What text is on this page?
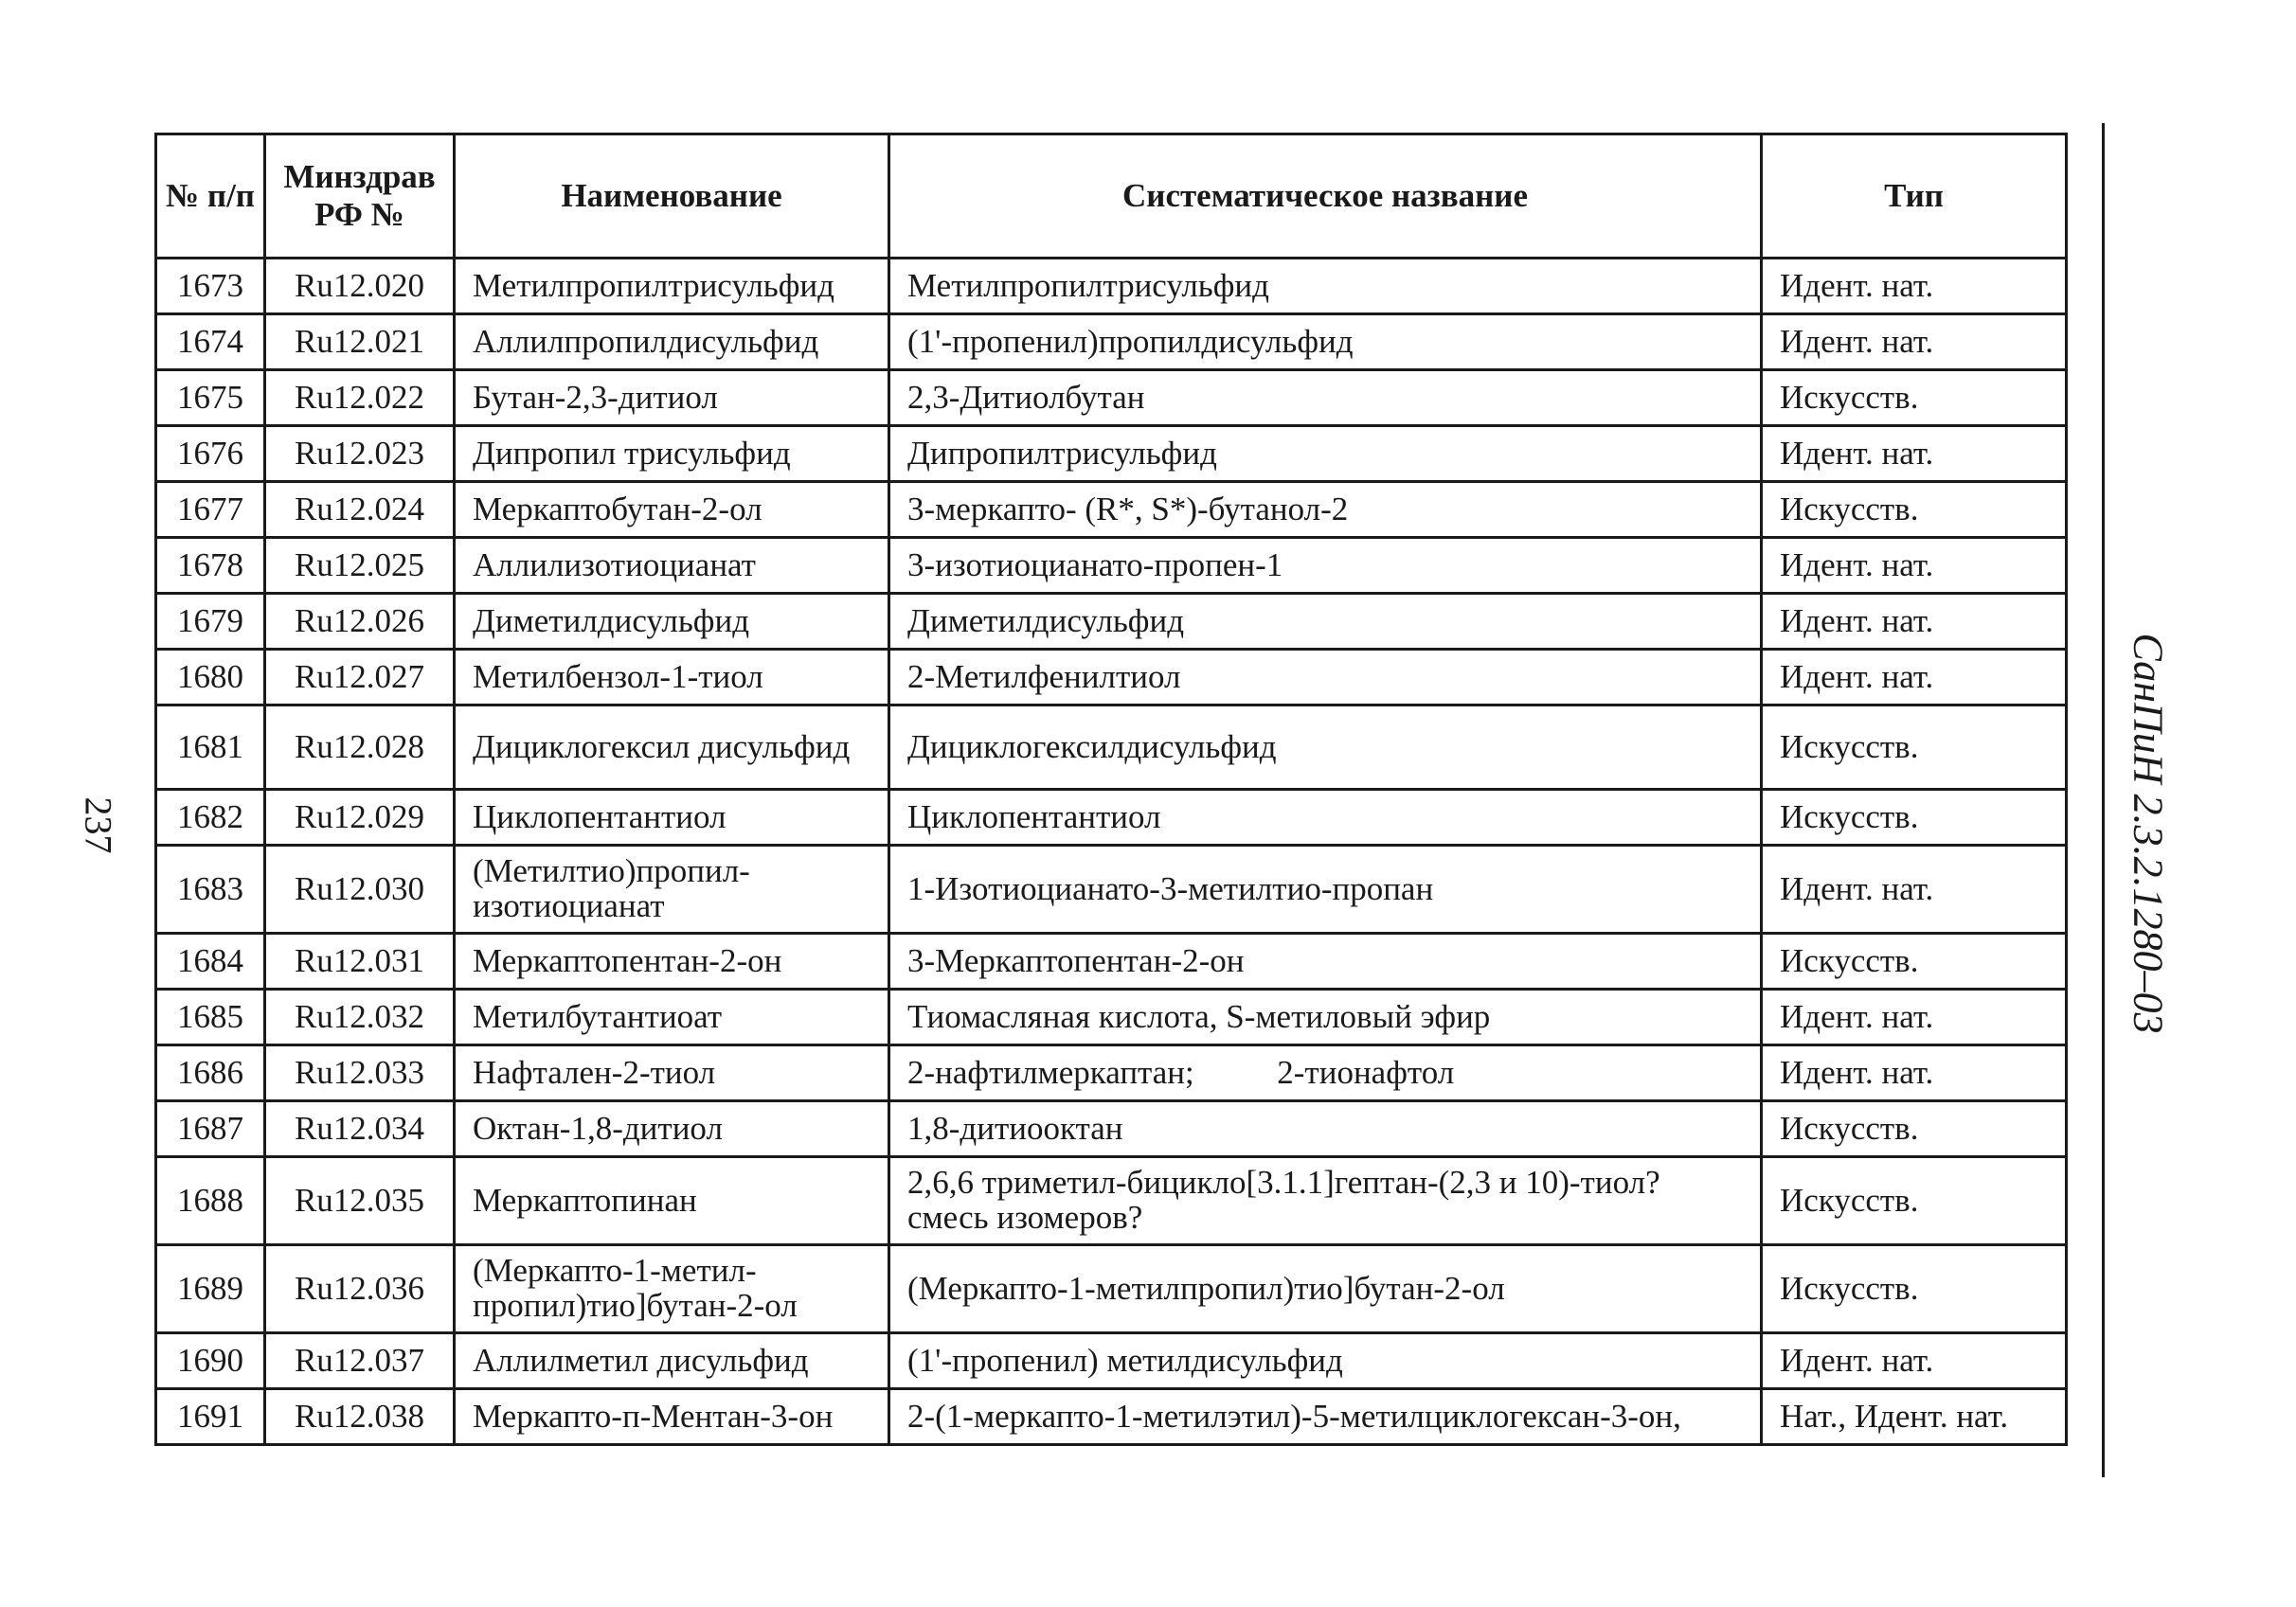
237
№ п/п	Минздрав РФ №	Наименование	Систематическое название	Тип
1673	Ru12.020	Метилпропилтрисульфид	Метилпропилтрисульфид	Идент. нат.
1674	Ru12.021	Аллилпропилдисульфид	(1'-пропенил)пропилдисульфид	Идент. нат.
1675	Ru12.022	Бутан-2,3-дитиол	2,3-Дитиолбутан	Искусств.
1676	Ru12.023	Дипропил трисульфид	Дипропилтрисульфид	Идент. нат.
1677	Ru12.024	Меркаптобутан-2-ол	3-меркапто- (R*, S*)-бутанол-2	Искусств.
1678	Ru12.025	Аллилизотиоцианат	3-изотиоцианато-пропен-1	Идент. нат.
1679	Ru12.026	Диметилдисульфид	Диметилдисульфид	Идент. нат.
1680	Ru12.027	Метилбензол-1-тиол	2-Метилфенилтиол	Идент. нат.
1681	Ru12.028	Дициклогексил дисульфид	Дициклогексилдисульфид	Искусств.
1682	Ru12.029	Циклопентантиол	Циклопентантиол	Искусств.
1683	Ru12.030	(Метилтио)пропил-изотиоцианат	1-Изотиоцианато-3-метилтио-пропан	Идент. нат.
1684	Ru12.031	Меркаптопентан-2-он	3-Меркаптопентан-2-он	Искусств.
1685	Ru12.032	Метилбутантиоат	Тиомасляная кислота, S-метиловый эфир	Идент. нат.
1686	Ru12.033	Нафтален-2-тиол	2-нафтилмеркаптан;          2-тионафтол	Идент. нат.
1687	Ru12.034	Октан-1,8-дитиол	1,8-дитиооктан	Искусств.
1688	Ru12.035	Меркаптопинан	2,6,6 триметил-бицикло[3.1.1]гептан-(2,3 и 10)-тиол? смесь изомеров?	Искусств.
1689	Ru12.036	(Меркапто-1-метил-пропил)тио]бутан-2-ол	(Меркапто-1-метилпропил)тио]бутан-2-ол	Искусств.
1690	Ru12.037	Аллилметил дисульфид	(1'-пропенил) метилдисульфид	Идент. нат.
1691	Ru12.038	Меркапто-п-Ментан-3-он	2-(1-меркапто-1-метилэтил)-5-метилциклогексан-3-он,	Нат., Идент. нат.
СанПиН 2.3.2.1280–03
